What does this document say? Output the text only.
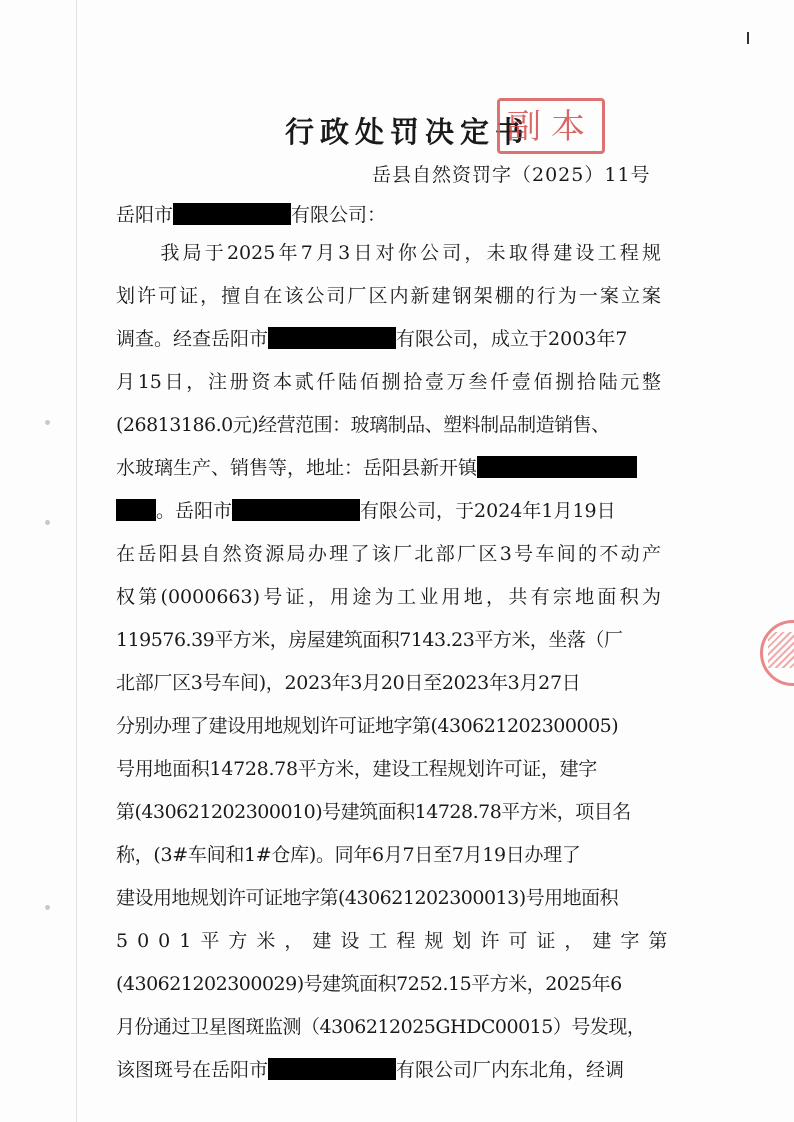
行政处罚决定书
副本
岳县自然资罚字（2025）11号
岳阳市	有限公司：
　　我局于2025年7月3日对你公司，未取得建设工程规
划许可证，擅自在该公司厂区内新建钢架棚的行为一案立案
调查。经查岳阳市	有限公司，成立于2003年7
月15日，注册资本贰仟陆佰捌拾壹万叁仟壹佰捌拾陆元整
(26813186.0元)经营范围：玻璃制品、塑料制品制造销售、
水玻璃生产、销售等，地址：岳阳县新开镇
。岳阳市	有限公司，于2024年1月19日
在岳阳县自然资源局办理了该厂北部厂区3号车间的不动产
权第(0000663)号证，用途为工业用地，共有宗地面积为
119576.39平方米，房屋建筑面积7143.23平方米，坐落（厂
北部厂区3号车间)，2023年3月20日至2023年3月27日
分别办理了建设用地规划许可证地字第(430621202300005)
号用地面积14728.78平方米，建设工程规划许可证，建字
第(430621202300010)号建筑面积14728.78平方米，项目名
称，(3#车间和1#仓库)。同年6月7日至7月19日办理了
建设用地规划许可证地字第(430621202300013)号用地面积
5001平方米，建设工程规划许可证，建字第
(430621202300029)号建筑面积7252.15平方米，2025年6
月份通过卫星图斑监测（4306212025GHDC00015）号发现，
该图斑号在岳阳市	有限公司厂内东北角，经调
